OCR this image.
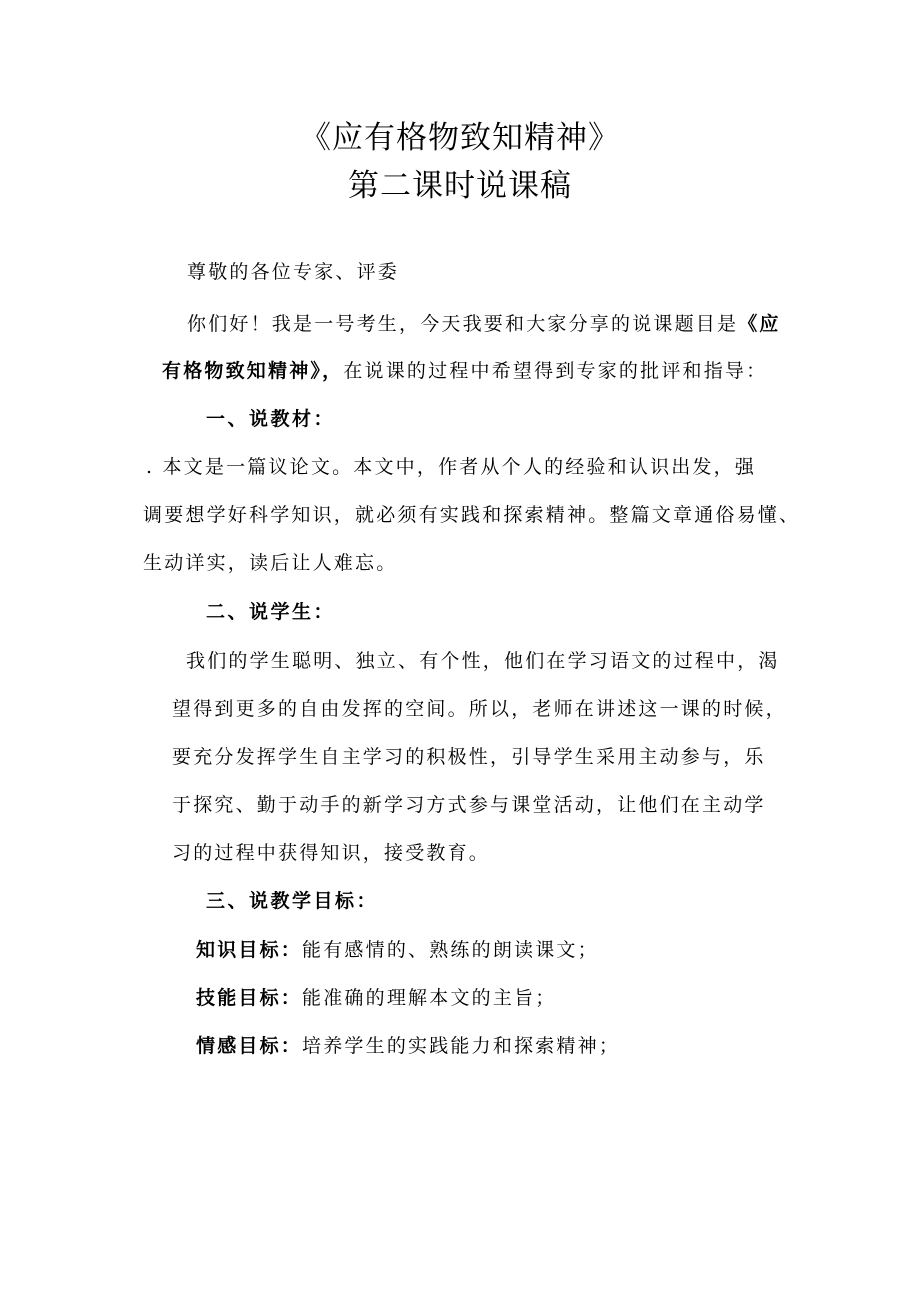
《应有格物致知精神》
第二课时说课稿
尊敬的各位专家、评委
你们好！我是一号考生，今天我要和大家分享的说课题目是《应
有格物致知精神》，在说课的过程中希望得到专家的批评和指导：
一、说教材：
. 本文是一篇议论文。本文中，作者从个人的经验和认识出发，强
调要想学好科学知识，就必须有实践和探索精神。整篇文章通俗易懂、
生动详实，读后让人难忘。
二、说学生：
我们的学生聪明、独立、有个性，他们在学习语文的过程中，渴
望得到更多的自由发挥的空间。所以，老师在讲述这一课的时候，
要充分发挥学生自主学习的积极性，引导学生采用主动参与，乐
于探究、勤于动手的新学习方式参与课堂活动，让他们在主动学
习的过程中获得知识，接受教育。
三、说教学目标：
知识目标：能有感情的、熟练的朗读课文；
技能目标：能准确的理解本文的主旨；
情感目标：培养学生的实践能力和探索精神；
